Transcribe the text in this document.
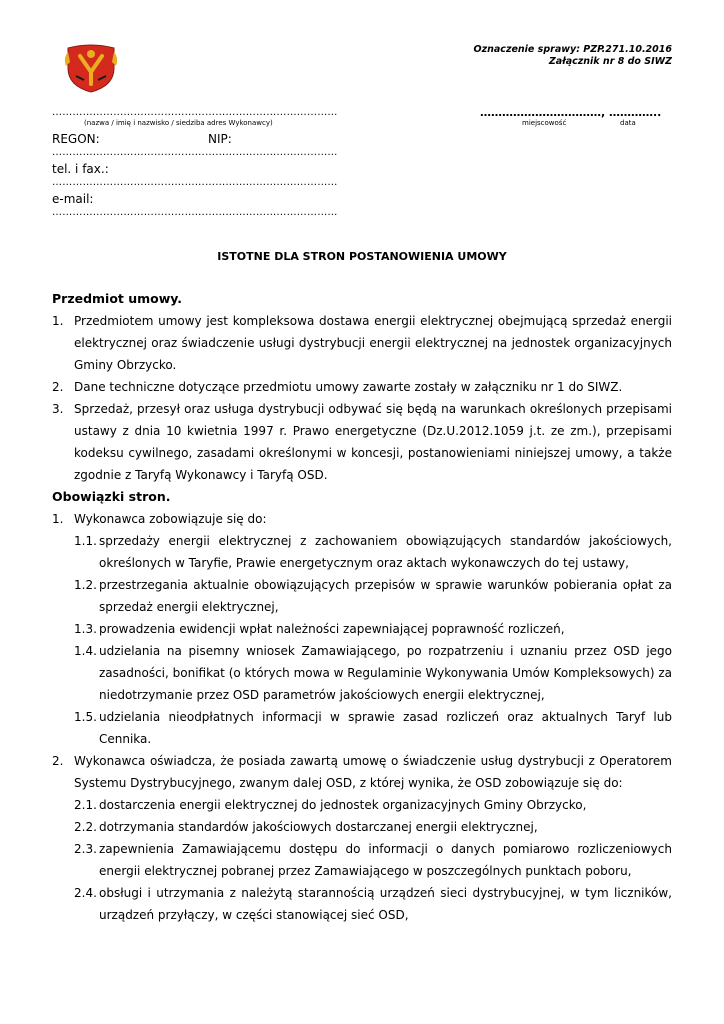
Oznaczenie sprawy: PZP.271.10.2016
Załącznik nr 8 do SIWZ
…………………………………………………………………………
(nazwa / imię i nazwisko / siedziba adres Wykonawcy)
REGON:	NIP:
…………………………………………………………………………
tel. i fax.:
…………………………………………………………………………
e-mail:
…………………………………………………………………………
……………………………, …………..
miejscowość	data
ISTOTNE DLA STRON POSTANOWIENIA UMOWY
Przedmiot umowy.
1. Przedmiotem umowy jest kompleksowa dostawa energii elektrycznej obejmującą sprzedaż energii elektrycznej oraz świadczenie usługi dystrybucji energii elektrycznej na jednostek organizacyjnych Gminy Obrzycko.
2. Dane techniczne dotyczące przedmiotu umowy zawarte zostały w załączniku nr 1 do SIWZ.
3. Sprzedaż, przesył oraz usługa dystrybucji odbywać się będą na warunkach określonych przepisami ustawy z dnia 10 kwietnia 1997 r. Prawo energetyczne (Dz.U.2012.1059 j.t. ze zm.), przepisami kodeksu cywilnego, zasadami określonymi w koncesji, postanowieniami niniejszej umowy, a także zgodnie z Taryfą Wykonawcy i Taryfą OSD.
Obowiązki stron.
1. Wykonawca zobowiązuje się do:
1.1. sprzedaży energii elektrycznej z zachowaniem obowiązujących standardów jakościowych, określonych w Taryfie, Prawie energetycznym oraz aktach wykonawczych do tej ustawy,
1.2. przestrzegania aktualnie obowiązujących przepisów w sprawie warunków pobierania opłat za sprzedaż energii elektrycznej,
1.3. prowadzenia ewidencji wpłat należności zapewniającej poprawność rozliczeń,
1.4. udzielania na pisemny wniosek Zamawiającego, po rozpatrzeniu i uznaniu przez OSD jego zasadności, bonifikat (o których mowa w Regulaminie Wykonywania Umów Kompleksowych) za niedotrzymanie przez OSD parametrów jakościowych energii elektrycznej,
1.5. udzielania nieodpłatnych informacji w sprawie zasad rozliczeń oraz aktualnych Taryf lub Cennika.
2. Wykonawca oświadcza, że posiada zawartą umowę o świadczenie usług dystrybucji z Operatorem Systemu Dystrybucyjnego, zwanym dalej OSD, z której wynika, że OSD zobowiązuje się do:
2.1. dostarczenia energii elektrycznej do jednostek organizacyjnych Gminy Obrzycko,
2.2. dotrzymania standardów jakościowych dostarczanej energii elektrycznej,
2.3. zapewnienia Zamawiającemu dostępu do informacji o danych pomiarowo rozliczeniowych energii elektrycznej pobranej przez Zamawiającego w poszczególnych punktach poboru,
2.4. obsługi i utrzymania z należytą starannością urządzeń sieci dystrybucyjnej, w tym liczników, urządzeń przyłączy, w części stanowiącej sieć OSD,
